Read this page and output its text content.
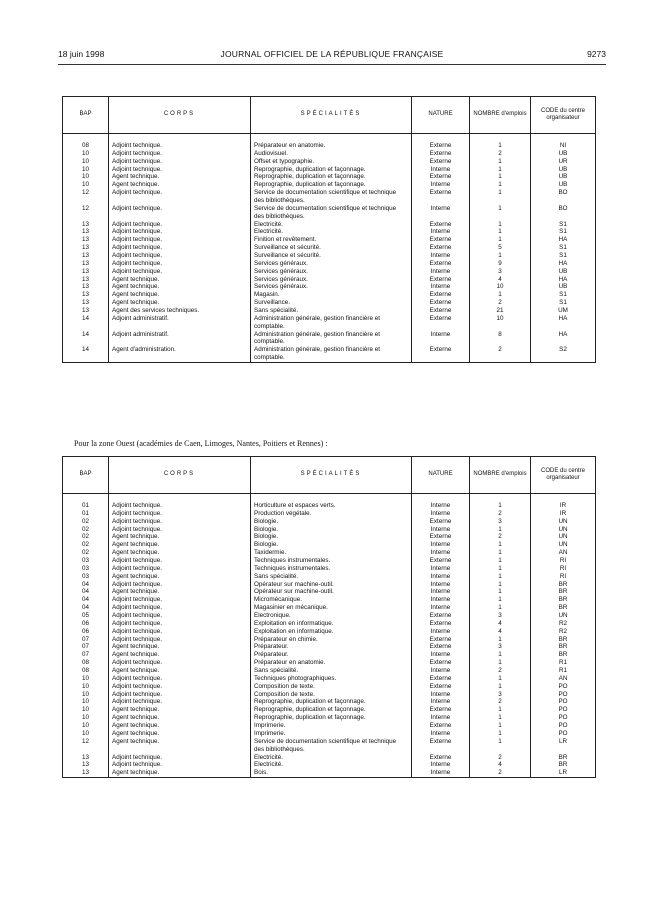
18 juin 1998	JOURNAL OFFICIEL DE LA RÉPUBLIQUE FRANÇAISE	9273
BAP	CORPS	SPÉCIALITÉS	NATURE	NOMBRE d'emplois	CODE du centre organisateur

08	Adjoint technique.	Préparateur en anatomie.	Externe	1	NI
10	Adjoint technique.	Audiovisuel.	Externe	2	UB
10	Adjoint technique.	Offset et typographie.	Externe	1	UR
10	Adjoint technique.	Reprographie, duplication et façonnage.	Interne	1	UB
10	Agent technique.	Reprographie, duplication et façonnage.	Externe	1	UB
10	Agent technique.	Reprographie, duplication et façonnage.	Interne	1	UB
12	Adjoint technique.	Service de documentation scientifique et technique des bibliothèques.	Externe	1	BO
12	Adjoint technique.	Service de documentation scientifique et technique des bibliothèques.	Interne	1	BO
13	Adjoint technique.	Electricité.	Externe	1	S1
13	Adjoint technique.	Electricité.	Interne	1	S1
13	Adjoint technique.	Finition et revêtement.	Externe	1	HA
13	Adjoint technique.	Surveillance et sécurité.	Externe	5	S1
13	Adjoint technique.	Surveillance et sécurité.	Interne	1	S1
13	Adjoint technique.	Services généraux.	Externe	9	HA
13	Adjoint technique.	Services généraux.	Interne	3	UB
13	Agent technique.	Services généraux.	Externe	4	HA
13	Agent technique.	Services généraux.	Interne	10	UB
13	Agent technique.	Magasin.	Externe	1	S1
13	Agent technique.	Surveillance.	Externe	2	S1
13	Agent des services techniques.	Sans spécialité.	Externe	21	UM
14	Adjoint administratif.	Administration générale, gestion financière et comptable.	Externe	10	HA
14	Adjoint administratif.	Administration générale, gestion financière et comptable.	Interne	8	HA
14	Agent d'administration.	Administration générale, gestion financière et comptable.	Externe	2	S2
Pour la zone Ouest (académies de Caen, Limoges, Nantes, Poitiers et Rennes) :
BAP	CORPS	SPÉCIALITÉS	NATURE	NOMBRE d'emplois	CODE du centre organisateur

01	Adjoint technique.	Horticulture et espaces verts.	Interne	1	IR
01	Adjoint technique.	Production végétale.	Interne	2	IR
02	Adjoint technique.	Biologie.	Externe	3	UN
02	Adjoint technique.	Biologie.	Interne	1	UN
02	Agent technique.	Biologie.	Externe	2	UN
02	Agent technique.	Biologie.	Interne	1	UN
02	Agent technique.	Taxidermie.	Interne	1	AN
03	Adjoint technique.	Techniques instrumentales.	Externe	1	RI
03	Adjoint technique.	Techniques instrumentales.	Interne	1	RI
03	Agent technique.	Sans spécialité.	Interne	1	RI
04	Adjoint technique.	Opérateur sur machine-outil.	Interne	1	BR
04	Agent technique.	Opérateur sur machine-outil.	Interne	1	BR
04	Adjoint technique.	Micromécanique.	Interne	1	BR
04	Adjoint technique.	Magasinier en mécanique.	Interne	1	BR
05	Adjoint technique.	Electronique.	Externe	3	UN
06	Adjoint technique.	Exploitation en informatique.	Externe	4	R2
06	Adjoint technique.	Exploitation en informatique.	Interne	4	R2
07	Adjoint technique.	Préparateur en chimie.	Externe	1	BR
07	Agent technique.	Préparateur.	Externe	3	BR
07	Agent technique.	Préparateur.	Interne	1	BR
08	Adjoint technique.	Préparateur en anatomie.	Externe	1	R1
08	Agent technique.	Sans spécialité.	Interne	2	R1
10	Adjoint technique.	Techniques photographiques.	Externe	1	AN
10	Adjoint technique.	Composition de texte.	Externe	1	PO
10	Adjoint technique.	Composition de texte.	Interne	3	PO
10	Adjoint technique.	Reprographie, duplication et façonnage.	Interne	2	PO
10	Agent technique.	Reprographie, duplication et façonnage.	Externe	1	PO
10	Agent technique.	Reprographie, duplication et façonnage.	Interne	1	PO
10	Agent technique.	Imprimerie.	Externe	1	PO
10	Agent technique.	Imprimerie.	Interne	1	PO
12	Agent technique.	Service de documentation scientifique et technique des bibliothèques.	Externe	1	LR
13	Adjoint technique.	Electricité.	Externe	2	BR
13	Adjoint technique.	Electricité.	Interne	4	BR
13	Agent technique.	Bois.	Interne	2	LR
